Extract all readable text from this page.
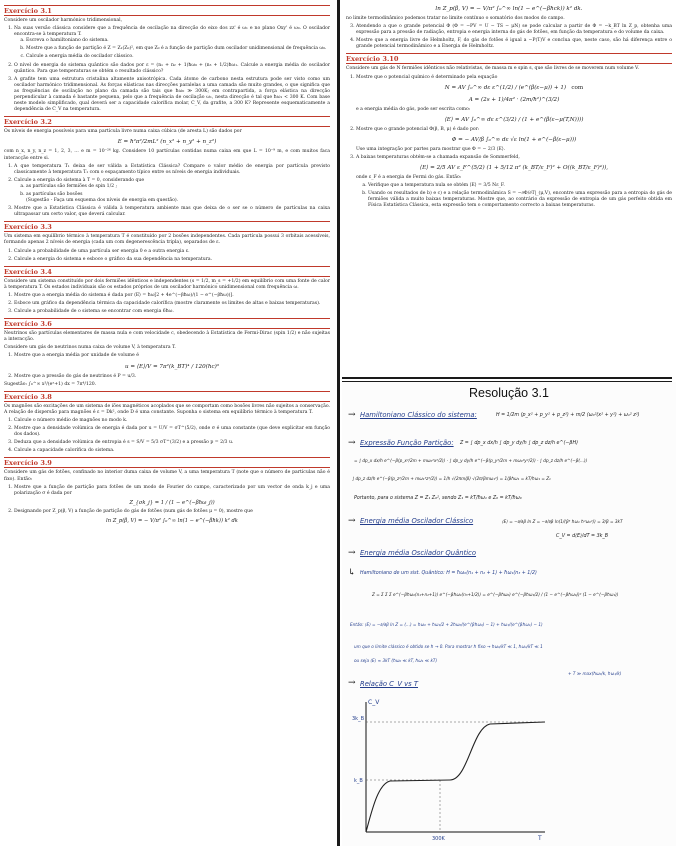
Exercício 3.1

Considere um oscilador harmónico tridimensional,

1. Na suas versão clássica considere que a frequência de oscilação na direcção do eixo dos zz' é ω₁ e no plano Oxy' é ω₀. O oscilador encontra-se à temperatura T.
a. Escreva o hamiltoniano do sistema.
b. Mostre que a função de partição é Z = Z₁(Z₀)², em que Z₀ é a função de partição dum oscilador unidimensional de frequência ω₀.
c. Calcule a energia média do oscilador clássico.
2. O nível de energia do sistema quântico são dados por ε = (n₁ + n₂ + 1)ħω₀ + (n₃ + 1/2)ħω₁. Calcule a energia média do oscilador quântico. Para que temperaturas se obtém o resultado clássico?
3. A grafite tem uma estrutura cristalina altamente anisotrópica. Cada átomo de carbono nesta estrutura pode ser visto como um oscilador harmónico tridimensional. As forças elásticas nas direcções paralelas a uma camada são muito grandes, o que significa que as frequências de oscilação no plano da camada são tais que ħω₀ ≫ 300K; em contrapartida, a força elástica na direcção perpendicular à camada é bastante pequena, pelo que a frequência de oscilação ω₁, nesta direcção é tal que ħω₁ < 300 K. Com base neste modelo simplificado, qual deverá ser a capacidade calorífica molar, C_V, da grafite, a 300 K? Represente esquematicamente a dependência de C_V na temperatura.
Exercício 3.2

Os níveis de energia possíveis para uma partícula livre numa caixa cúbica (de aresta L) são dados por

E = ħ²π²/2mL² (n_x² + n_y² + n_z²)

com n_x, n_y, n_z = 1, 2, 3, … e m = 10⁻²⁶ kg. Considere 10 partículas contidas numa caixa em que L = 10⁻⁹ m, e com muitos faca interacção entre si.

1. A que temperatura T₁ deixa de ser válida a Estatística Clássica? Compare o valor médio de energia por partícula previsto classicamente à temperatura T₁ com o espaçamento típico entre os níveis de energia individuais.
2. Calcule a energia do sistema à T = 0, considerando que
a. as partículas são fermiões de spin 1/2 ;
b. as partículas são bosões
(Sugestão - Faça um esquema dos níveis de energia em questão).
3. Mostre que a Estatística Clássica é válida à temperatura ambiente mas que deixa de o ser se o número de partículas na caixa ultrapassar um certo valor, que deverá calcular.
Exercício 3.3

Um sistema em equilíbrio térmico à temperatura T é constituído por 2 bosões independentes. Cada partícula possui 3 orbitais acessíveis, formando apenas 2 níveis de energia (cada um com degenerescência tripla), separados de ε.

1. Calcule a probabilidade de uma partícula ser energia 0 e a outra energia ε.
2. Calcule a energia do sistema e esboce o gráfico da sua dependência na temperatura.
Exercício 3.4

Considere um sistema constituído por dois fermiões idênticos e independentes (s = 1/2, m_s = +1/2) em equilíbrio com uma fonte de calor à temperatura T. Os estados individuais são os estados próprios de um oscilador harmónico unidimensional com frequência ω.

1. Mostre que a energia média do sistema é dada por ⟨E⟩ = ħω[2 + 4e^(−βħω)/(1 − e^(−βħω))].
2. Esboce um gráfico da dependência térmica da capacidade calorífica (mostre claramente os limites de altas e baixas temperaturas).
3. Calcule a probabilidade de o sistema se encontrar com energia 6ħω.
Exercício 3.6

Neutrinos são partículas elementares de massa nula e com velocidade c, obedecendo à Estatística de Fermi-Dirac (spin 1/2) e não sujeitas a interacção.

Considere um gás de neutrinos numa caixa de volume V, à temperatura T.

1. Mostre que a energia média por unidade de volume é
u = ⟨E⟩/V = 7π²(k_BT)⁴ / 120(ħc)³
2. Mostre que a pressão do gás de neutrinos é P = u/3.

Sugestão: ∫₀^∞ x³/(eˣ+1) dx = 7π⁴/120.

Exercício 3.8

Os magnões são excitações de um sistema de iões magnéticos acoplados que se comportam como bosões livres não sujeitos a conservação. A relação de dispersão para magnões é ε = Dk², onde D é uma constante. Suponha o sistema em equilíbrio térmico à temperatura T.

1. Calcule o número médio de magnões no modo k.
2. Mostre que a densidade volúmica de energia é dada por u = U/V = σT^(5/2), onde σ é uma constante (que deve explicitar em função dos dados).
3. Deduza que a densidade volúmica de entropia é s = S/V = 5/3 σT^(3/2) e a pressão p = 2/3 u.
4. Calcule a capacidade calorífica do sistema.
Exercício 3.9

Considere um gás de fotões, confinado no interior duma caixa de volume V, a uma temperatura T (note que o número de partículas não é fixo). Então:

1. Mostre que a função de partição para fotões de um modo de Fourier do campo, caracterizado por um vector de onda k_j e uma polarização σ é dada por
Z_{σk_j} = 1 / (1 − e^(−βħω_j))
2. Designando por Z_p(β, V) a função de partição do gás de fotões (num gás de fotões μ = 0), mostre que
ln Z_p(β, V) = − V/π² ∫₀^∞ ln(1 − e^(−βħk)) k² dk
ln Z_p(β, V) = − V/π² ∫₀^∞ ln(1 − e^(−βħck)) k² dk.

no limite termodinâmico podemos tratar no limite contínuo o somatório dos modos do campo.

3. Atendendo a que o grande potencial Φ (Φ = −PV = U − TS − μN) se pode calcular a partir de Φ = −k_BT ln Z_p, obtenha uma expressão para a pressão de radiação, entropia e energia interna do gás de fotões, em função da temperatura e do volume da caixa.
4. Mostre que a energia livre de Helmholtz, F, do gás de fotões é igual a −P(T)V e conclua que, neste caso, são há diferença entre o grande potencial termodinâmico e a Energia de Helmholtz.
Exercício 3.10

Considere um gás de N fermiões idênticos não relativistas, de massa m e spin s, que são livres de se moverem num volume V.

1. Mostre que o potencial químico é determinado pela equação
N = AV ∫₀^∞ dε ε^(1/2) / (e^(β(ε−μ)) + 1) com
A = (2s + 1)/4π² · (2m/ħ²)^(3/2)

e a energia média do gás, pode ser escrita como:

⟨E⟩ = AV ∫₀^∞ dε ε^(3/2) / (1 + e^(β(ε−μ(T,N))))
2. Mostre que o grande potencial Φ(β, B, μ) é dado por:
Φ = − AV/β ∫₀^∞ dε √ε ln(1 + e^(−β(ε−μ)))

Use uma integração por partes para mostrar que Φ = − 2/3 ⟨E⟩.

3. A baixas temperaturas obtém-se a chamada expansão de Sommerfeld,
⟨E⟩ = 2/5 AV ε_F^(5/2) (1 + 5/12 π² (k_BT/ε_F)² + O((k_BT/ε_F)⁴)),

onde ε_F é a energia de Fermi do gás. Então:

a. Verifique que a temperatura nula se obtém ⟨E⟩ = 3/5 Nε_F.
b. Usando os resultados de b) e c) e a relação termodinâmica S = −∂Φ/∂T|_(μ,V), encontre uma expressão para a entropia do gás de fermiões válida a muito baixas temperaturas. Mostre que, ao contrário da expressão de entropia de um gás perfeito obtida em Física Estatística Clássica, esta expressão tem o comportamento correcto a baixas temperaturas.
Resolução 3.1
→ Hamiltoniano Clássico do sistema:	H = 1/2m (p_x² + p_y² + p_z²) + m/2 (ω₀²(x² + y²) + ω₁² z²)
→ Expressão Função Partição: Z = ∫ dp_x dx/h ∫ dp_y dy/h ∫ dp_z dz/h e^(−βH)
= ∫ dp_x dx/h e^(−β(p_x²/2m + mω₀²x²/2)) · ∫ dp_y dy/h e^(−β(p_y²/2m + mω₀²y²/2)) · ∫ dp_z dz/h e^(−β(...))
∫ dp_z dz/h e^(−β(p_z²/2m + mω₁²z²/2)) = 1/h √(2πm/β) √(2π/βmω₁²) = 1/βħω₁ = kT/ħω₁ = Z₁
Portanto, para o sistema Z = Z₁ Z₀², sendo Z₁ = kT/ħω₁ e Z₀ = kT/ħω₀
→ Energia média Oscilador Clássico	⟨E⟩ = −∂/∂β ln Z = −∂/∂β ln(1/(β³ ħω₁ ħ²ω₀²)) = 3/β = 3kT
C_V = d⟨E⟩/dT = 3k_B
→ Energia média Oscilador Quântico
↳ Hamiltoniano de um sist. Quântico: H = ħω₀(n₁ + n₂ + 1) + ħω₁(n₃ + 1/2)
Z = Σ Σ Σ e^(−βħω₀(n₁+n₂+1)) e^(−βħω₁(n₃+1/2)) = e^(−βħω₀) e^(−βħω₁/2) / (1 − e^(−βħω₀))² (1 − e^(−βħω₁))
Então: ⟨E⟩ = −∂/∂β ln Z = (...) = ħω₀ + ħω₁/2 + 2ħω₀/(e^(βħω₀) − 1) + ħω₁/(e^(βħω₁) − 1)
um que o limite clássico é obtido se ħ → 0. Para mostrar ħ fixo → ħω₀/kT ≪ 1, ħω₁/kT ≪ 1
ou seja ⟨E⟩ ≈ 3kT (ħω₀ ≪ kT, ħω₁ ≪ kT)
+ T ≫ max(ħω₀/k, ħω₁/k)
→ Relação C_V vs T
C_V
3k_B
k_B
T
300K
